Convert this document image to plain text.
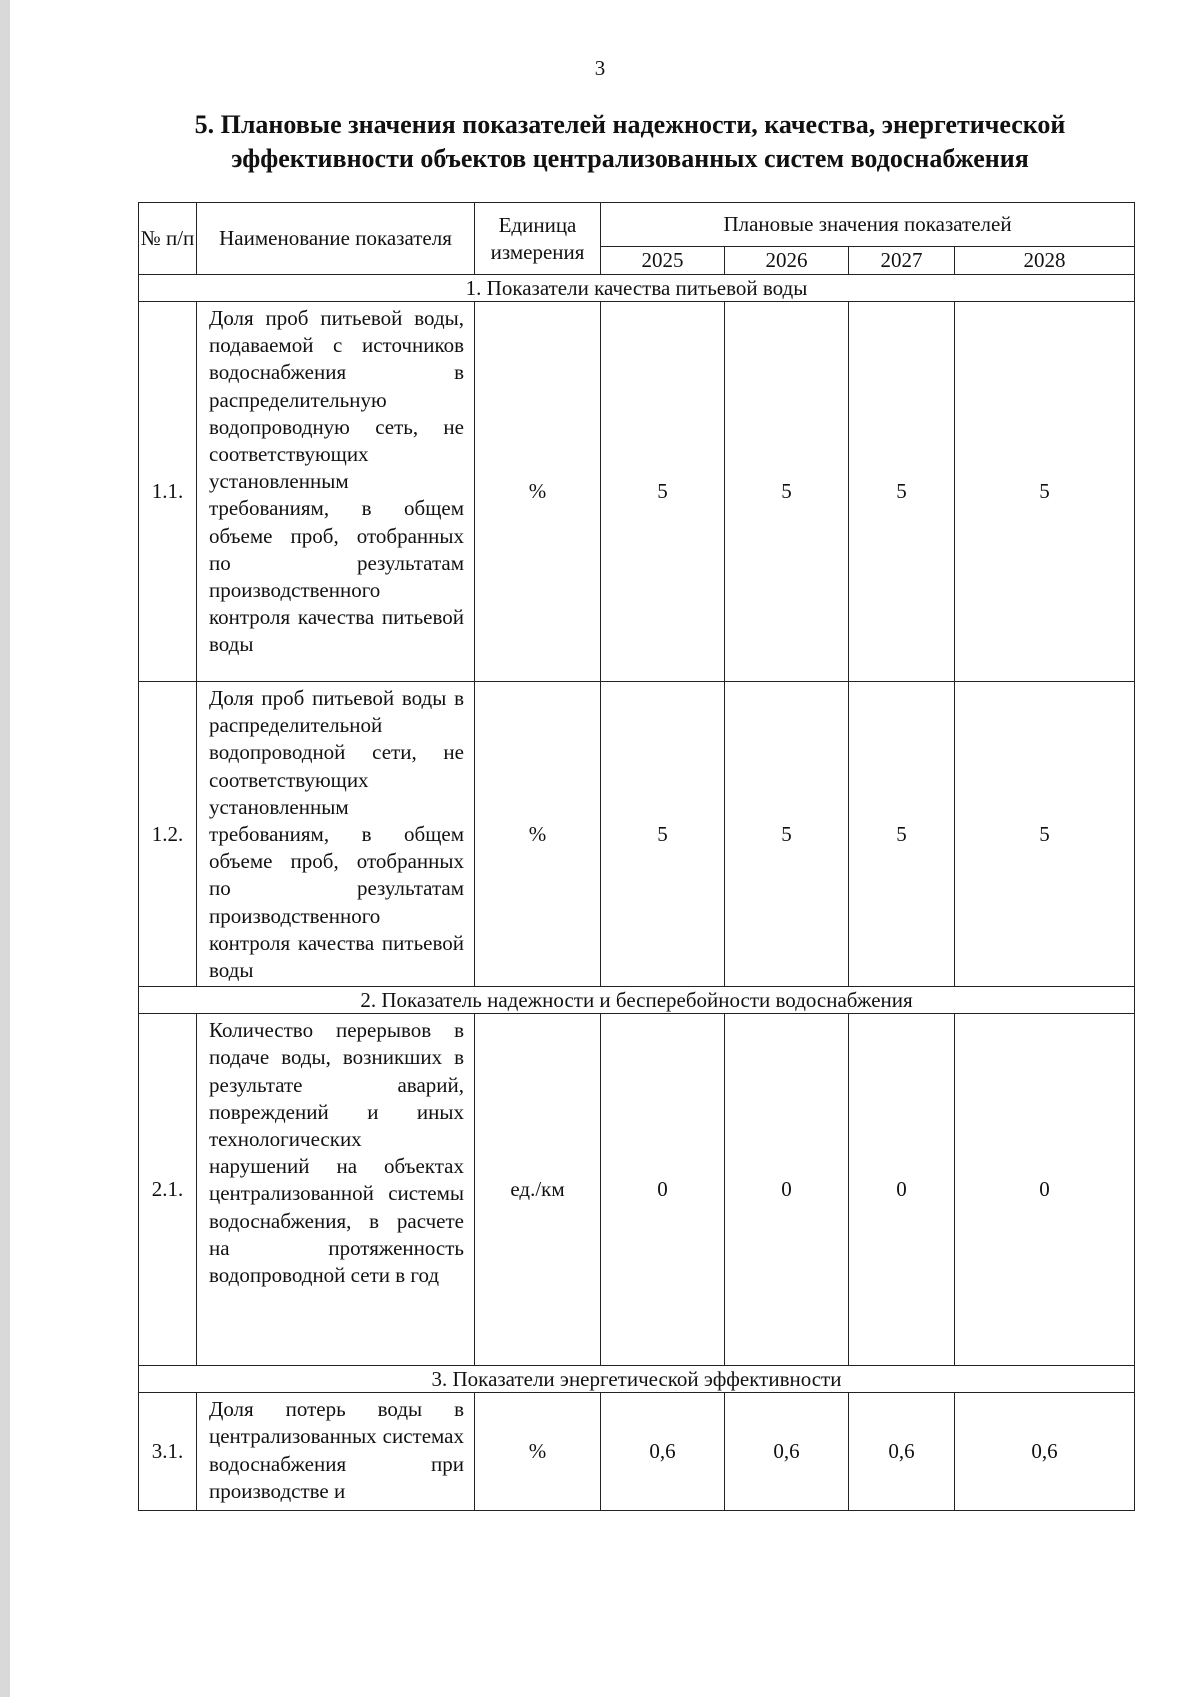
3
5. Плановые значения показателей надежности, качества, энергетической
эффективности объектов централизованных систем водоснабжения
№ п/п	Наименование показателя	Единица измерения	Плановые значения показателей			
			2025	2026	2027	2028
1. Показатели качества питьевой воды						
1.1.	Доля проб питьевой воды, подаваемой с источников водоснабжения в распределительную водопроводную сеть, не соответствующих установленным требованиям, в общем объеме проб, отобранных по результатам производственного контроля качества питьевой воды	%	5	5	5	5
1.2.	Доля проб питьевой воды в распределительной водопроводной сети, не соответствующих установленным требованиям, в общем объеме проб, отобранных по результатам производственного контроля качества питьевой воды	%	5	5	5	5
2. Показатель надежности и бесперебойности водоснабжения						
2.1.	Количество перерывов в подаче воды, возникших в результате аварий, повреждений и иных технологических нарушений на объектах централизованной системы водоснабжения, в расчете на протяженность водопроводной сети в год	ед./км	0	0	0	0
3. Показатели энергетической эффективности						
3.1.	Доля потерь воды в централизованных системах водоснабжения при производстве и	%	0,6	0,6	0,6	0,6
